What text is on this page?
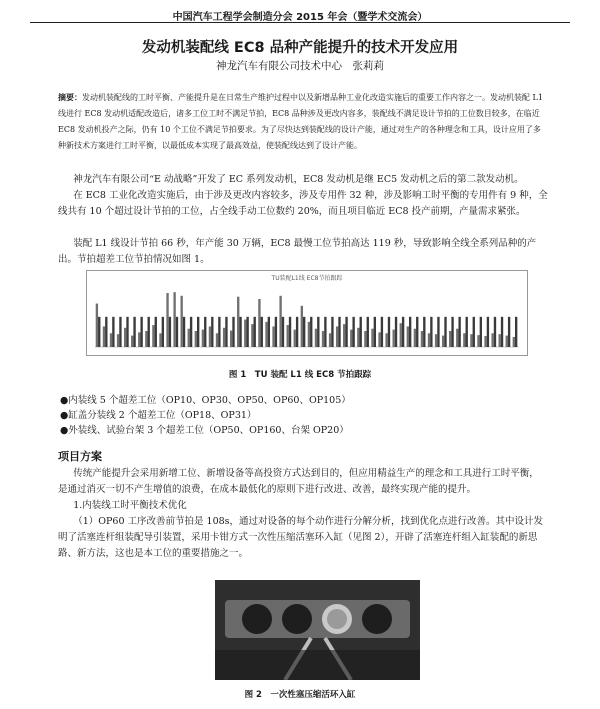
中国汽车工程学会制造分会 2015 年会（暨学术交流会）
发动机装配线 EC8 品种产能提升的技术开发应用
神龙汽车有限公司技术中心　张莉莉
摘要：发动机装配线的工时平衡、产能提升是在日常生产维护过程中以及新增品种工业化改造实施后的重要工作内容之一。发动机装配 L1 线进行 EC8 发动机适配改造后，诸多工位工时不满足节拍，EC8 品种涉及更改内容多，装配线不满足设计节拍的工位数目较多，在临近 EC8 发动机投产之际，仍有 10 个工位不满足节拍要求。为了尽快达到装配线的设计产能，通过对生产的各种理念和工具，设计应用了多种新技术方案进行工时平衡，以最低成本实现了最高效益，使装配线达到了设计产能。

神龙汽车有限公司“E 动战略”开发了 EC 系列发动机，EC8 发动机是继 EC5 发动机之后的第二款发动机。

在 EC8 工业化改造实施后，由于涉及更改内容较多，涉及专用件 32 种，涉及影响工时平衡的专用件有 9 种，全线共有 10 个超过设计节拍的工位，占全线手动工位数约 20%，而且项目临近 EC8 投产前期，产量需求紧张。

装配 L1 线设计节拍 66 秒，年产能 30 万辆，EC8 最慢工位节拍高达 119 秒，导致影响全线全系列品种的产出。节拍超差工位节拍情况如图 1。

TU装配L1线 EC8节拍跟踪
图 1　TU 装配 L1 线 EC8 节拍跟踪
●内装线 5 个超差工位（OP10、OP30、OP50、OP60、OP105）
●缸盖分装线 2 个超差工位（OP18、OP31）
●外装线、试验台架 3 个超差工位（OP50、OP160、台架 OP20）
项目方案

传统产能提升会采用新增工位、新增设备等高投资方式达到目的，但应用精益生产的理念和工具进行工时平衡，是通过消灭一切不产生增值的浪费，在成本最低化的原则下进行改进、改善，最终实现产能的提升。

1.内装线工时平衡技术优化

（1）OP60 工序改善前节拍是 108s，通过对设备的每个动作进行分解分析，找到优化点进行改善。其中设计发明了活塞连杆组装配导引装置，采用卡钳方式一次性压缩活塞环入缸（见图 2），开辟了活塞连杆组入缸装配的新思路、新方法，这也是本工位的重要措施之一。

图 2　一次性塞压缩活环入缸
